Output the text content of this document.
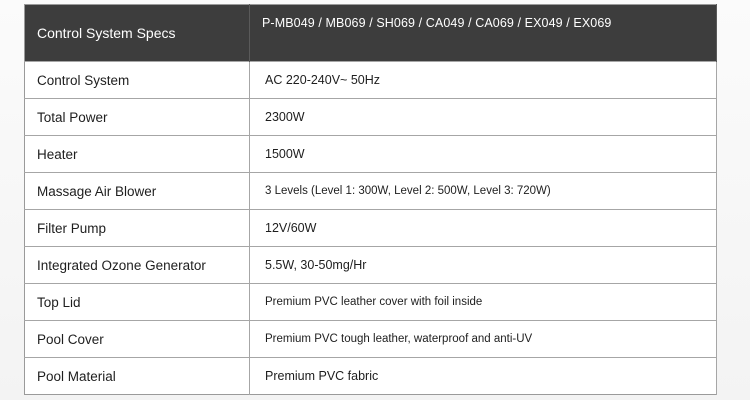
Control System Specs	P-MB049 / MB069 / SH069 / CA049 / CA069 / EX049 / EX069
Control System	AC 220-240V~ 50Hz
Total Power	2300W
Heater	1500W
Massage Air Blower	3 Levels (Level 1: 300W, Level 2: 500W, Level 3: 720W)
Filter Pump	12V/60W
Integrated Ozone Generator	5.5W, 30-50mg/Hr
Top Lid	Premium PVC leather cover with foil inside
Pool Cover	Premium PVC tough leather, waterproof and anti-UV
Pool Material	Premium PVC fabric
